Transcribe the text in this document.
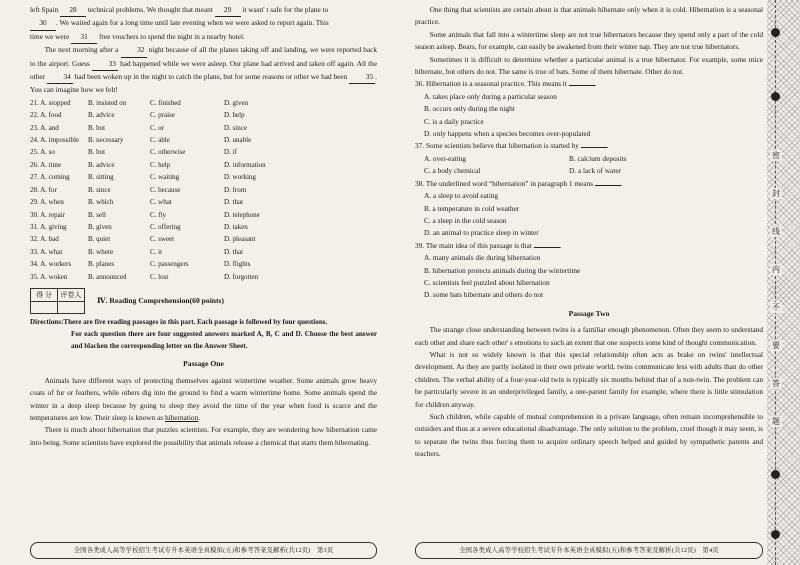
left Spain 28 technical problems. We thought that meant 29 it wasn' t safe for the plane to

30 . We waited again for a long time until late evening when we were asked to report again. This

time we were 31 free vouchers to spend the night in a nearby hotel.

The next morning after a	32 night because of all the planes taking off and landing, we were reported back to the airport. Guess	33 had happened while we were asleep. Our plane had arrived and taken off again. All the other	34 had been woken up in the night to catch the plane, but for some reasons or other we had been	35 . You can imagine how we felt!

21. A. stopped	B. insisted on	C. finished	D. given
22. A. food	B. advice	C. praise	D. help
23. A. and	B. but	C. or	D. since
24. A. impossible	B. necessary	C. able	D. unable
25. A. so	B. but	C. otherwise	D. if
26. A. time	B. advice	C. help	D. information
27. A. coming	B. sitting	C. waiting	D. working
28. A. for	B. since	C. because	D. from
29. A. when	B. which	C. what	D. that
30. A. repair	B. sell	C. fly	D. telephone
31. A. giving	B. given	C. offering	D. taken
32. A. bad	B. quiet	C. sweet	D. pleasant
33. A. what	B. where	C. it	D. that
34. A. workers	B. planes	C. passengers	D. flights
35. A. woken	B. announced	C. lost	D. forgotten
得 分	评卷人

Ⅳ. Reading Comprehension(60 points)

Directions:There are five reading passages in this part. Each passage is followed by four questions.

For each question there are four suggested answers marked A, B, C and D. Choose the best answer and blacken the corresponding letter on the Answer Sheet.

Passage One

Animals have different ways of protecting themselves against wintertime weather. Some animals grow heavy coats of fur or feathers, while others dig into the ground to find a warm wintertime home. Some animals spend the winter in a deep sleep because by going to sleep they avoid the time of the year when food is scarce and the temperatures are low. Their sleep is known as hibernation.

There is much about hibernation that puzzles scientists. For example, they are wondering how hibernation came into being. Some scientists have explored the possibility that animals release a chemical that starts them hibernating.

全国各类成人高等学校招生考试专升本英语全真模拟(五)和参考答案及解析(共12页)　第3页

One thing that scientists are certain about is that animals hibernate only when it is cold. Hibernation is a seasonal practice.

Some animals that fall into a wintertime sleep are not true hibernators because they spend only a part of the cold season asleep. Bears, for example, can easily be awakened from their winter nap. They are not true hibernators.

Sometimes it is difficult to determine whether a particular animal is a true hibernator. For example, some mice hibernate, but others do not. The same is true of bats. Some of them hibernate. Other do not.

36. Hibernation is a seasonal practice. This means it	.

A. takes place only during a particular season

B. occurs only during the night

C. is a daily practice

D. only happens when a species becomes over-populated

37. Some scientists believe that hibernation is started by	.

A. over-eating	B. calcium deposits
C. a body chemical	D. a lack of water

38. The underlined word “hibernation” in paragraph 1 means	.

A. a sleep to avoid eating

B. a temperature in cold weather

C. a sleep in the cold season

D. an animal to practice sleep in winter

39. The main idea of this passage is that	.

A. many animals die during hibernation

B. hibernation protects animals during the wintertime

C. scientists feel puzzled about hibernation

D. some bats hibernate and others do not

Passage Two

The strange close understanding between twins is a familiar enough phenomenon. Often they seem to understand each other and share each other' s emotions to such an extent that one suspects some kind of thought communication.

What is not so widely known is that this special relationship often acts as brake on twins' intellectual development. As they are partly isolated in their own private world, twins communicate less with adults than do other children. The verbal ability of a four-year-old twin is typically six months behind that of a non-twin. The problem can be particularly severe in an underprivileged family, a one-parent family for example, where there is little stimulation for children anyway.

Such children, while capable of mutual comprehension in a private language, often remain incomprehensible to outsiders and thus at a severe educational disadvantage. The only solution to the problem, cruel though it may seem, is to separate the twins thus forcing them to acquire ordinary speech helped and guided by sympathetic parents and teachers.

全国各类成人高等学校招生考试专升本英语全真模拟(五)和参考答案及解析(共12页)　第4页
密
封
线
内
不
要
答
题
